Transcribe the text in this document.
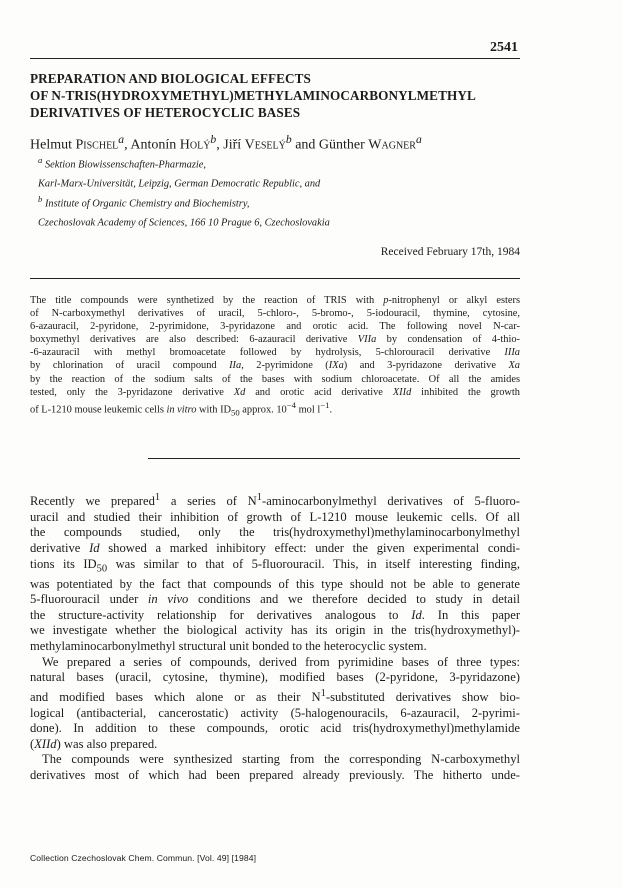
2541
PREPARATION AND BIOLOGICAL EFFECTS
OF N-TRIS(HYDROXYMETHYL)METHYLAMINOCARBONYLMETHYL
DERIVATIVES OF HETEROCYCLIC BASES
Helmut Pischel$^a$, Antonín Holý$^b$, Jiří Veselý$^b$ and Günther Wagner$^a$
$^a$ Sektion Biowissenschaften-Pharmazie,
Karl-Marx-Universität, Leipzig, German Democratic Republic, and
$^b$ Institute of Organic Chemistry and Biochemistry,
Czechoslovak Academy of Sciences, 166 10 Prague 6, Czechoslovakia
Received February 17th, 1984
The title compounds were synthetized by the reaction of TRIS with p-nitrophenyl or alkyl esters
of N-carboxymethyl derivatives of uracil, 5-chloro-, 5-bromo-, 5-iodouracil, thymine, cytosine,
6-azauracil, 2-pyridone, 2-pyrimidone, 3-pyridazone and orotic acid. The following novel N-car-
boxymethyl derivatives are also described: 6-azauracil derivative VIIa by condensation of 4-thio-
-6-azauracil with methyl bromoacetate followed by hydrolysis, 5-chlorouracil derivative IIIa
by chlorination of uracil compound IIa, 2-pyrimidone (IXa) and 3-pyridazone derivative Xa
by the reaction of the sodium salts of the bases with sodium chloroacetate. Of all the amides
tested, only the 3-pyridazone derivative Xd and orotic acid derivative XIId inhibited the growth
of L-1210 mouse leukemic cells in vitro with $ID_{50}$ approx. $10^{-4}$ mol $l^{-1}$.
Recently we prepared$^1$ a series of $N^1$-aminocarbonylmethyl derivatives of 5-fluoro-
uracil and studied their inhibition of growth of L-1210 mouse leukemic cells. Of all
the compounds studied, only the tris(hydroxymethyl)methylaminocarbonylmethyl
derivative Id showed a marked inhibitory effect: under the given experimental condi-
tions its $ID_{50}$ was similar to that of 5-fluorouracil. This, in itself interesting finding,
was potentiated by the fact that compounds of this type should not be able to generate
5-fluorouracil under in vivo conditions and we therefore decided to study in detail
the structure-activity relationship for derivatives analogous to Id. In this paper
we investigate whether the biological activity has its origin in the tris(hydroxymethyl)-
methylaminocarbonylmethyl structural unit bonded to the heterocyclic system.
We prepared a series of compounds, derived from pyrimidine bases of three types:
natural bases (uracil, cytosine, thymine), modified bases (2-pyridone, 3-pyridazone)
and modified bases which alone or as their $N^1$-substituted derivatives show bio-
logical (antibacterial, cancerostatic) activity (5-halogenouracils, 6-azauracil, 2-pyrimi-
done). In addition to these compounds, orotic acid tris(hydroxymethyl)methylamide
(XIId) was also prepared.
The compounds were synthesized starting from the corresponding N-carboxymethyl
derivatives most of which had been prepared already previously. The hitherto unde-
Collection Czechoslovak Chem. Commun. [Vol. 49] [1984]
